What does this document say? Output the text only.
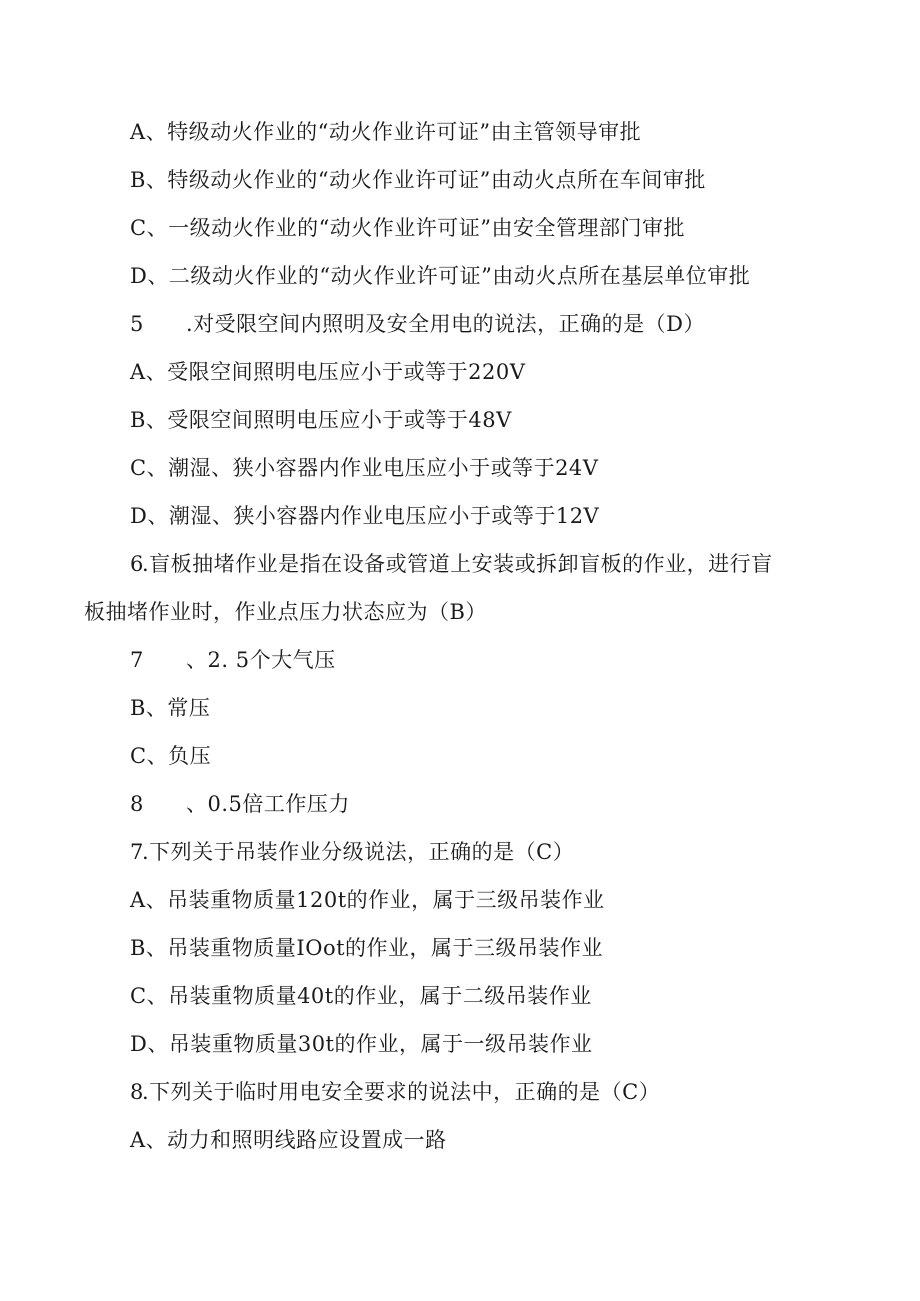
A、特级动火作业的“动火作业许可证”由主管领导审批
B、特级动火作业的“动火作业许可证”由动火点所在车间审批
C、一级动火作业的“动火作业许可证”由安全管理部门审批
D、二级动火作业的“动火作业许可证”由动火点所在基层单位审批
5 .对受限空间内照明及安全用电的说法，正确的是（D）
A、受限空间照明电压应小于或等于220V
B、受限空间照明电压应小于或等于48V
C、潮湿、狭小容器内作业电压应小于或等于24V
D、潮湿、狭小容器内作业电压应小于或等于12V
6.盲板抽堵作业是指在设备或管道上安装或拆卸盲板的作业，进行盲
板抽堵作业时，作业点压力状态应为（B）
7 、2. 5个大气压
B、常压
C、负压
8 、0.5倍工作压力
7.下列关于吊装作业分级说法，正确的是（C）
A、吊装重物质量120t的作业，属于三级吊装作业
B、吊装重物质量IOot的作业，属于三级吊装作业
C、吊装重物质量40t的作业，属于二级吊装作业
D、吊装重物质量30t的作业，属于一级吊装作业
8.下列关于临时用电安全要求的说法中，正确的是（C）
A、动力和照明线路应设置成一路
